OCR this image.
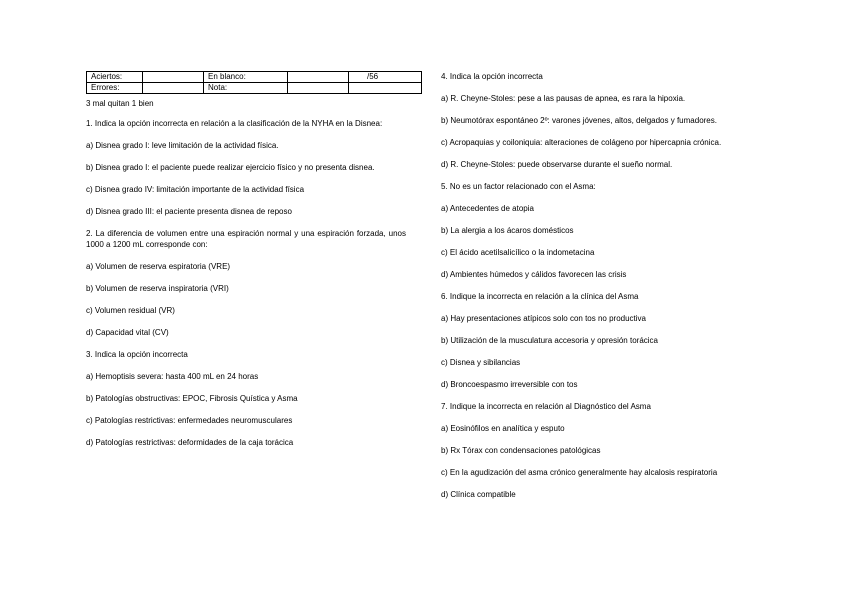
Aciertos:		En blanco:		/56
Errores:		Nota:		
3 mal quitan 1 bien
1. Indica la opción incorrecta en relación a la clasificación de la NYHA en la Disnea:
a) Disnea grado I: leve limitación de la actividad física.
b) Disnea grado I: el paciente puede realizar ejercicio físico y no presenta disnea.
c) Disnea grado IV: limitación importante de la actividad física
d) Disnea grado III: el paciente presenta disnea de reposo
2. La diferencia de volumen entre una espiración normal y una espiración forzada, unos 1000 a 1200 mL corresponde con:
a) Volumen de reserva espiratoria (VRE)
b) Volumen de reserva inspiratoria (VRI)
c) Volumen residual (VR)
d) Capacidad vital (CV)
3. Indica la opción incorrecta
a) Hemoptisis severa: hasta 400 mL en 24 horas
b) Patologías obstructivas: EPOC, Fibrosis Quística y Asma
c) Patologías restrictivas: enfermedades neuromusculares
d) Patologías restrictivas: deformidades de la caja torácica
4. Indica la opción incorrecta
a) R. Cheyne-Stoles: pese a las pausas de apnea, es rara la hipoxia.
b) Neumotórax espontáneo 2º: varones jóvenes, altos, delgados y fumadores.
c) Acropaquias y coiloniquia: alteraciones de colágeno por hipercapnia crónica.
d) R. Cheyne-Stoles: puede observarse durante el sueño normal.
5. No es un factor relacionado con el Asma:
a) Antecedentes de atopia
b) La alergia a los ácaros domésticos
c) El ácido acetilsalicílico o la indometacina
d) Ambientes húmedos y cálidos favorecen las crisis
6. Indique la incorrecta en relación a la clínica del Asma
a) Hay presentaciones atípicos solo con tos no productiva
b) Utilización de la musculatura accesoria y opresión torácica
c) Disnea y sibilancias
d) Broncoespasmo irreversible con tos
7. Indique la incorrecta en relación al Diagnóstico del Asma
a) Eosinófilos en analítica y esputo
b) Rx Tórax con condensaciones patológicas
c) En la agudización del asma crónico generalmente hay alcalosis respiratoria
d) Clínica compatible
